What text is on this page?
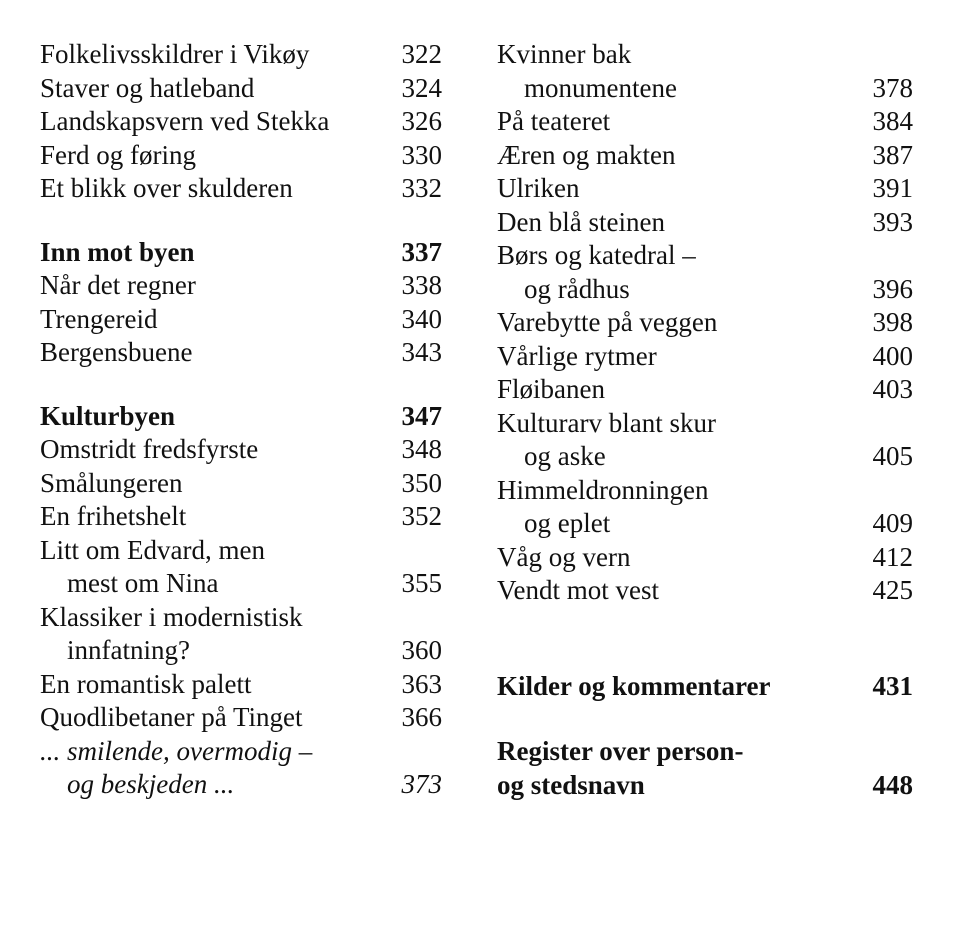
Folkelivsskildrer i Vikøy	322
Staver og hatleband	324
Landskapsvern ved Stekka	326
Ferd og føring	330
Et blikk over skulderen	332
Inn mot byen	337
Når det regner	338
Trengereid	340
Bergensbuene	343
Kulturbyen	347
Omstridt fredsfyrste	348
Smålungeren	350
En frihetshelt	352
Litt om Edvard, men
mest om Nina	355
Klassiker i modernistisk
innfatning?	360
En romantisk palett	363
Quodlibetaner på Tinget	366
... smilende, overmodig –
og beskjeden ...	373
Kvinner bak
monumentene	378
På teateret	384
Æren og makten	387
Ulriken	391
Den blå steinen	393
Børs og katedral –
og rådhus	396
Varebytte på veggen	398
Vårlige rytmer	400
Fløibanen	403
Kulturarv blant skur
og aske	405
Himmeldronningen
og eplet	409
Våg og vern	412
Vendt mot vest	425
Kilder og kommentarer	431
Register over person-
og stedsnavn	448
